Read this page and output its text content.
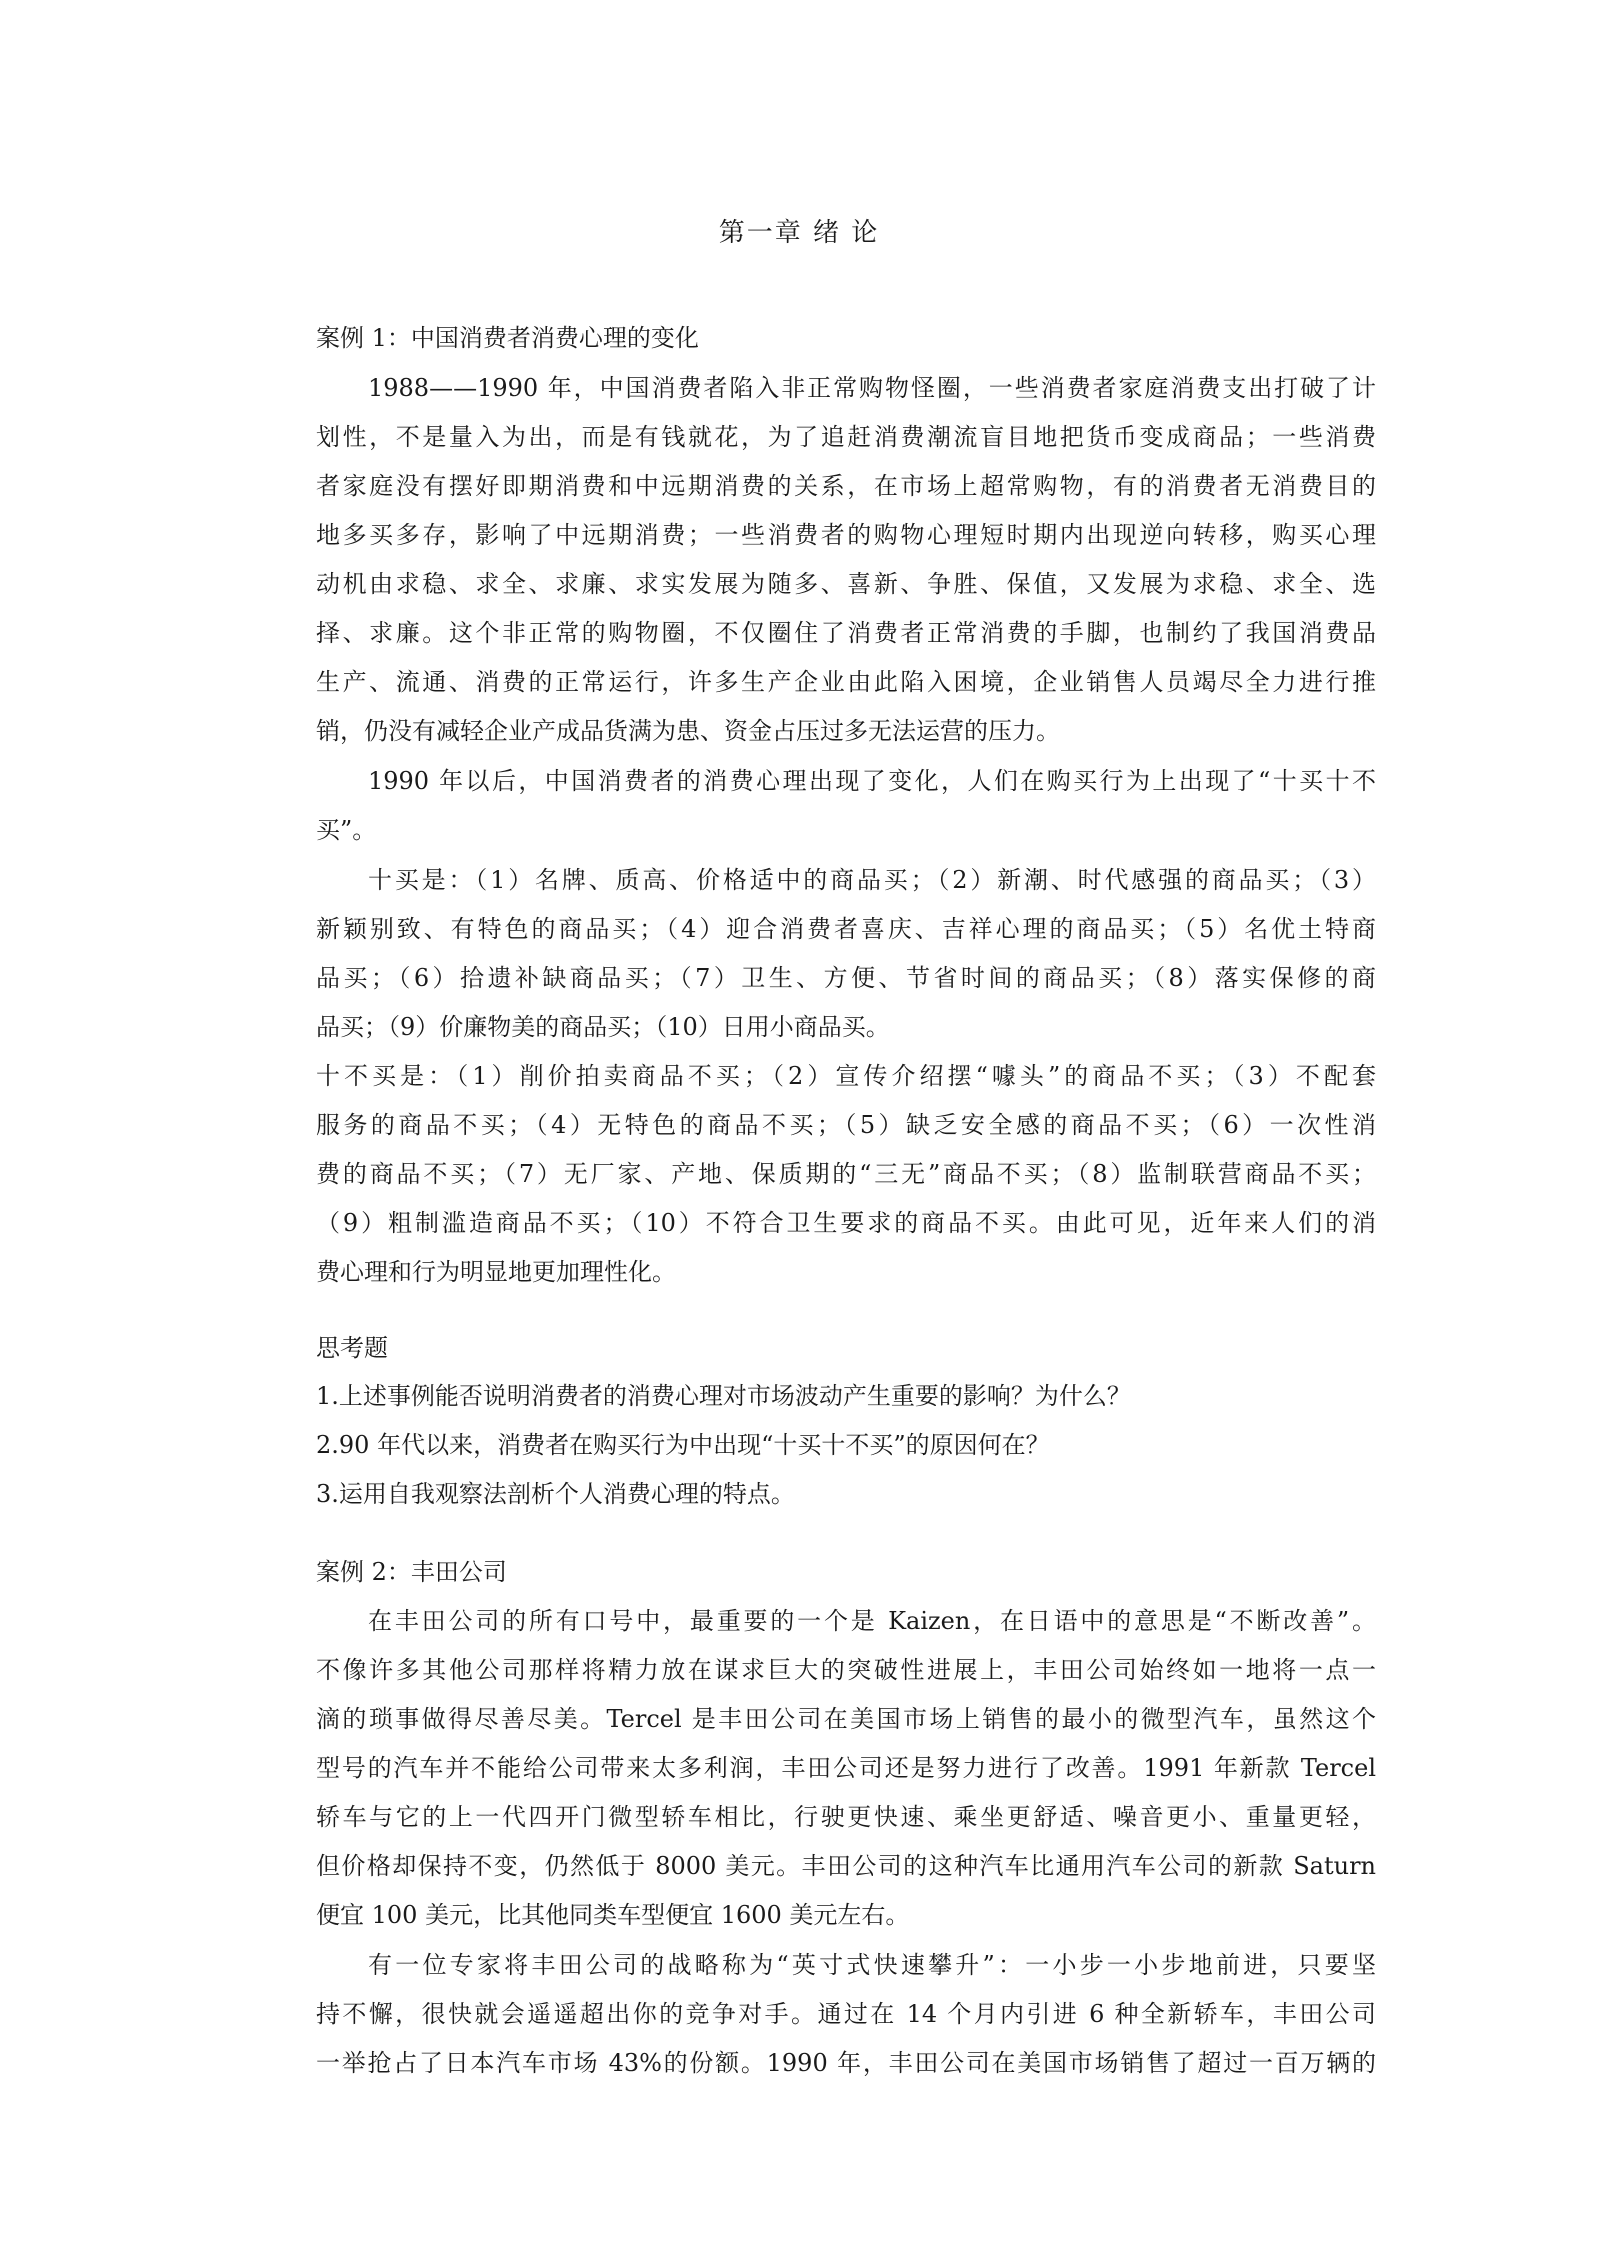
第一章 绪 论
案例 1：中国消费者消费心理的变化
1988——1990 年，中国消费者陷入非正常购物怪圈，一些消费者家庭消费支出打破了计
划性，不是量入为出，而是有钱就花，为了追赶消费潮流盲目地把货币变成商品；一些消费
者家庭没有摆好即期消费和中远期消费的关系，在市场上超常购物，有的消费者无消费目的
地多买多存，影响了中远期消费；一些消费者的购物心理短时期内出现逆向转移，购买心理
动机由求稳、求全、求廉、求实发展为随多、喜新、争胜、保值，又发展为求稳、求全、选
择、求廉。这个非正常的购物圈，不仅圈住了消费者正常消费的手脚，也制约了我国消费品
生产、流通、消费的正常运行，许多生产企业由此陷入困境，企业销售人员竭尽全力进行推
销，仍没有减轻企业产成品货满为患、资金占压过多无法运营的压力。
1990 年以后，中国消费者的消费心理出现了变化，人们在购买行为上出现了“十买十不
买”。
十买是：（1）名牌、质高、价格适中的商品买；（2）新潮、时代感强的商品买；（3）
新颖别致、有特色的商品买；（4）迎合消费者喜庆、吉祥心理的商品买；（5）名优土特商
品买；（6）拾遗补缺商品买；（7）卫生、方便、节省时间的商品买；（8）落实保修的商
品买；（9）价廉物美的商品买；（10）日用小商品买。
十不买是：（1）削价拍卖商品不买；（2）宣传介绍摆“噱头”的商品不买；（3）不配套
服务的商品不买；（4）无特色的商品不买；（5）缺乏安全感的商品不买；（6）一次性消
费的商品不买；（7）无厂家、产地、保质期的“三无”商品不买；（8）监制联营商品不买；
（9）粗制滥造商品不买；（10）不符合卫生要求的商品不买。由此可见，近年来人们的消
费心理和行为明显地更加理性化。
思考题
1.上述事例能否说明消费者的消费心理对市场波动产生重要的影响？为什么？
2.90 年代以来，消费者在购买行为中出现“十买十不买”的原因何在？
3.运用自我观察法剖析个人消费心理的特点。
案例 2：丰田公司
在丰田公司的所有口号中，最重要的一个是 Kaizen，在日语中的意思是“不断改善”。
不像许多其他公司那样将精力放在谋求巨大的突破性进展上，丰田公司始终如一地将一点一
滴的琐事做得尽善尽美。Tercel 是丰田公司在美国市场上销售的最小的微型汽车，虽然这个
型号的汽车并不能给公司带来太多利润，丰田公司还是努力进行了改善。1991 年新款 Tercel
轿车与它的上一代四开门微型轿车相比，行驶更快速、乘坐更舒适、噪音更小、重量更轻，
但价格却保持不变，仍然低于 8000 美元。丰田公司的这种汽车比通用汽车公司的新款 Saturn
便宜 100 美元，比其他同类车型便宜 1600 美元左右。
有一位专家将丰田公司的战略称为“英寸式快速攀升”：一小步一小步地前进，只要坚
持不懈，很快就会遥遥超出你的竞争对手。通过在 14 个月内引进 6 种全新轿车，丰田公司
一举抢占了日本汽车市场 43%的份额。1990 年，丰田公司在美国市场销售了超过一百万辆的
